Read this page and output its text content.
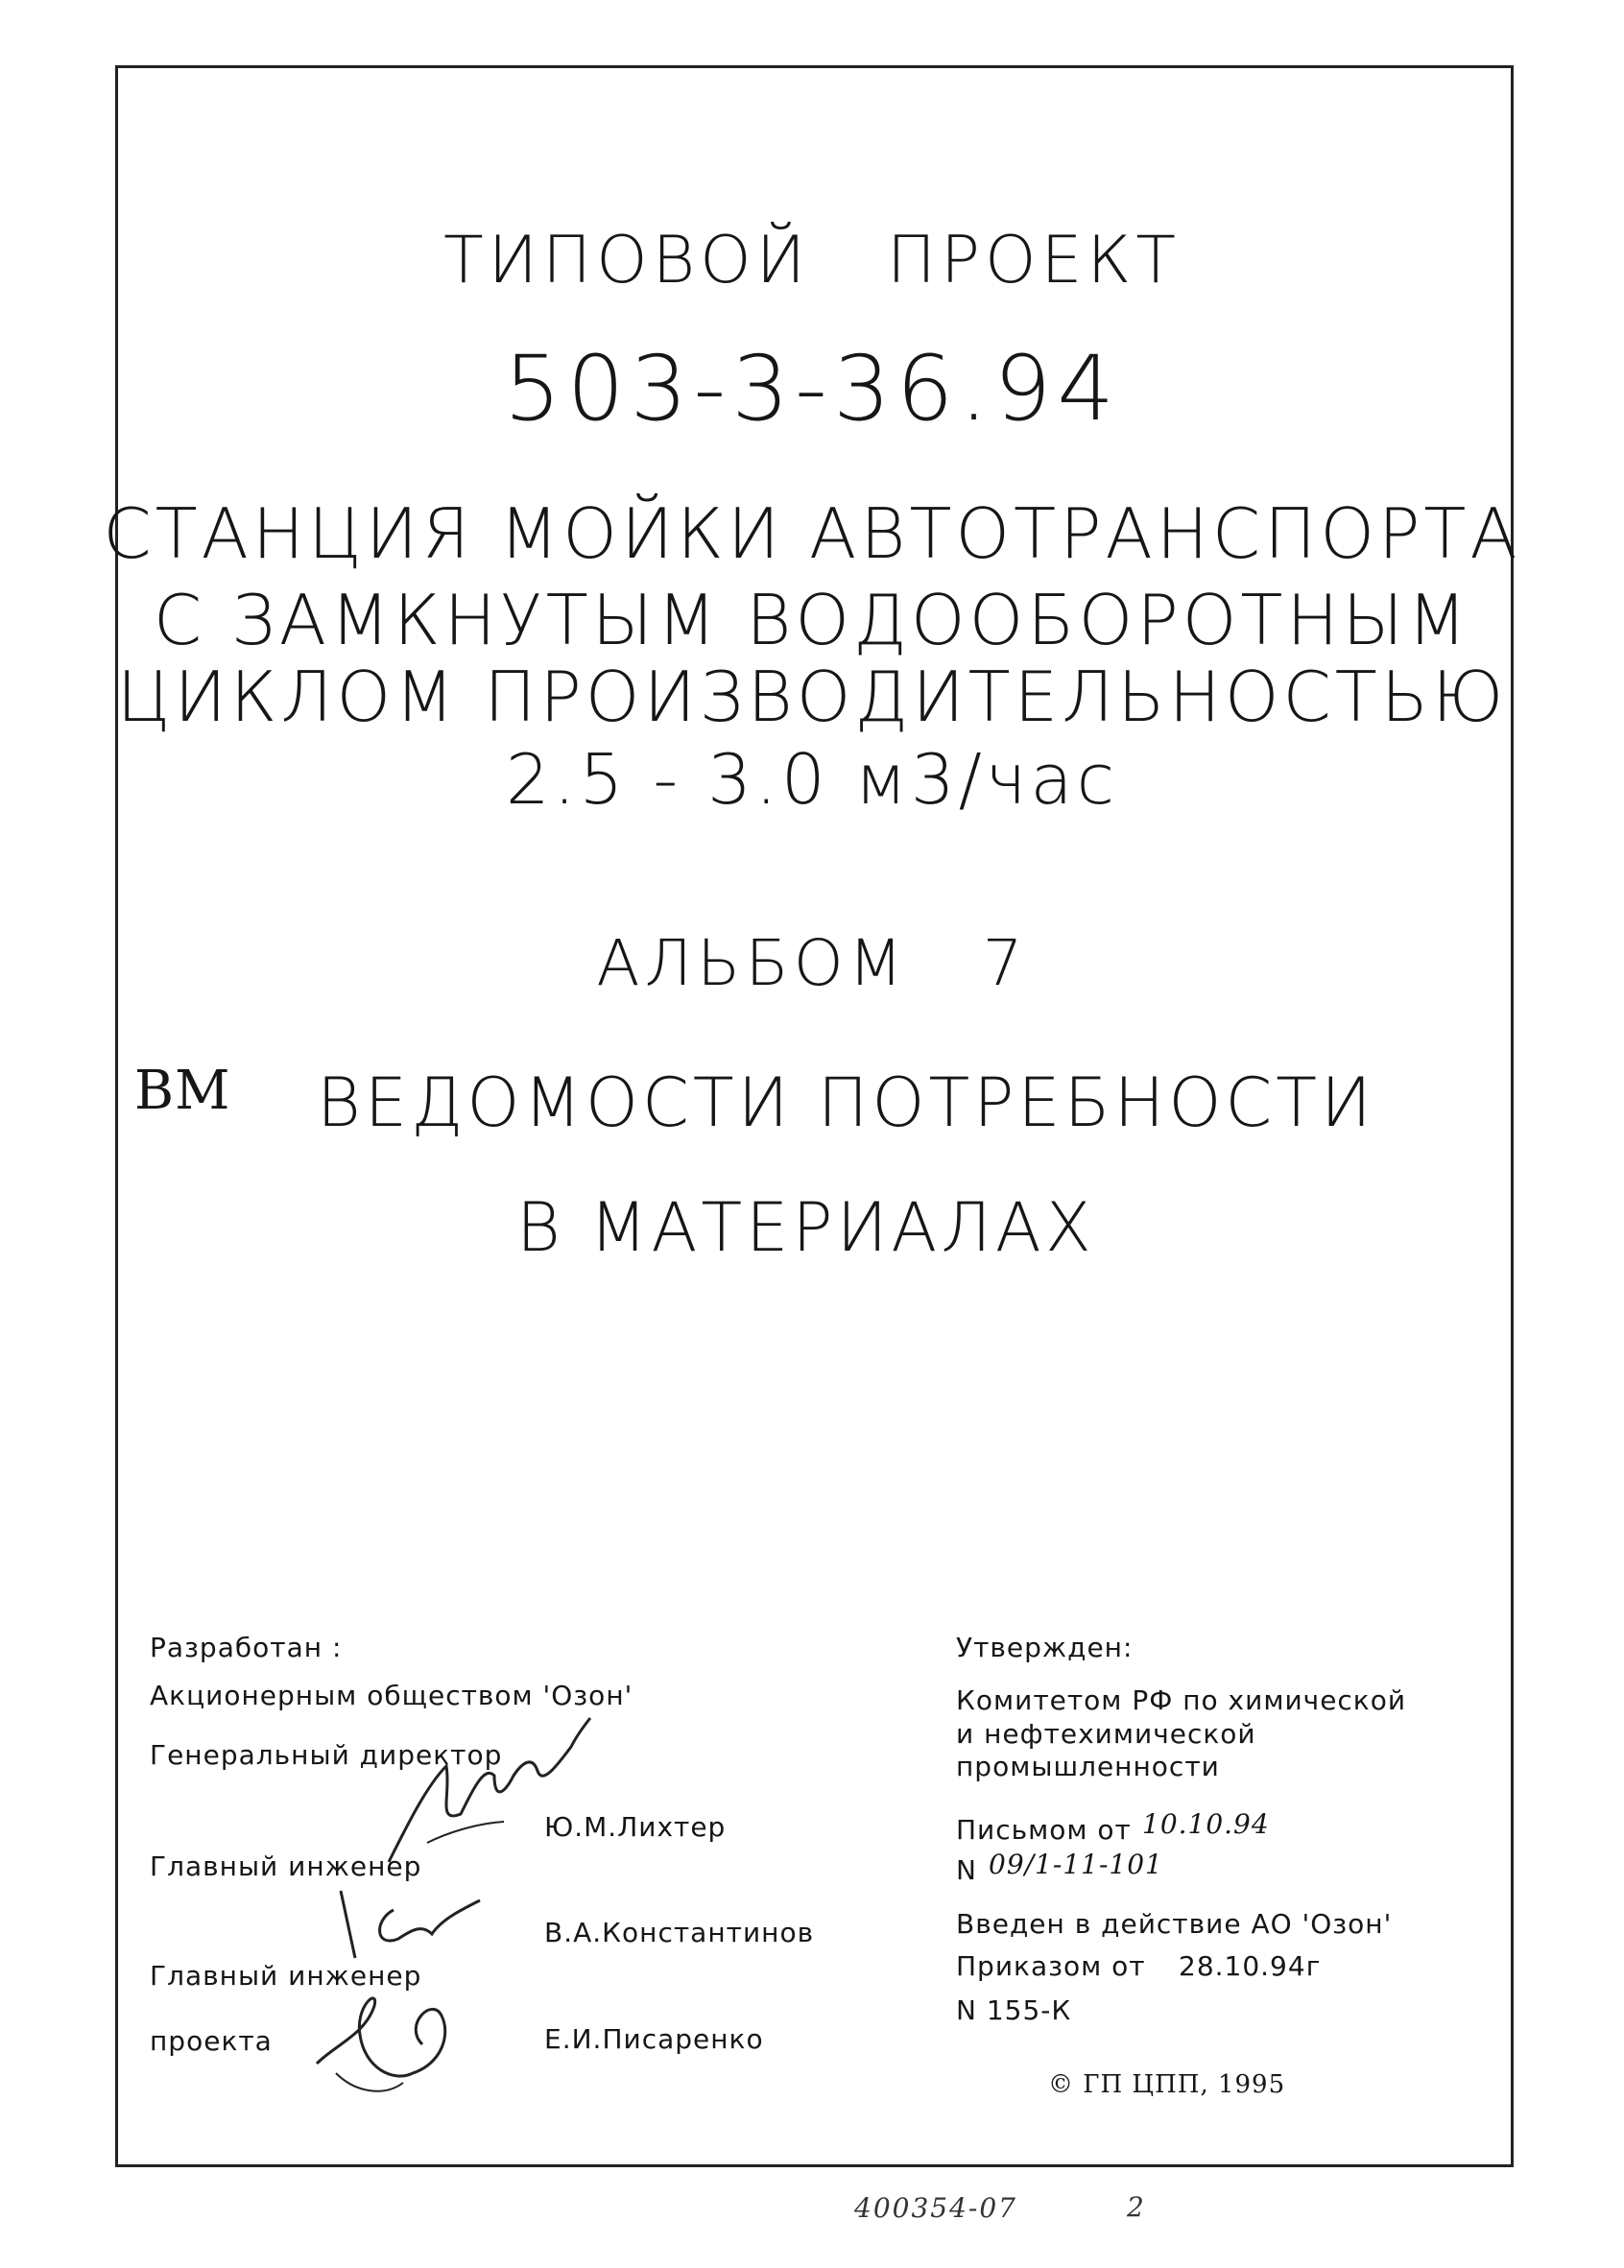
ТИПОВОЙ   ПРОЕКТ
503-3-36.94
СТАНЦИЯ МОЙКИ АВТОТРАНСПОРТА
С ЗАМКНУТЫМ ВОДООБОРОТНЫМ
ЦИКЛОМ ПРОИЗВОДИТЕЛЬНОСТЬЮ
2.5 - 3.0 м3/час
АЛЬБОМ   7
ВМ ВЕДОМОСТИ ПОТРЕБНОСТИ
В МАТЕРИАЛАХ
Разработан :
Акционерным обществом 'Озон'
Генеральный директор
Ю.М.Лихтер
Главный инженер
В.А.Константинов
Главный инженер
проекта	Е.И.Писаренко
Утвержден:
Комитетом РФ по химической
и нефтехимической
промышленности
Письмом от 10.10.94
N 09/1-11-101
Введен в действие АО 'Озон'
Приказом от 28.10.94г
N 155-К
© ГП ЦПП, 1995
400354-07	2
